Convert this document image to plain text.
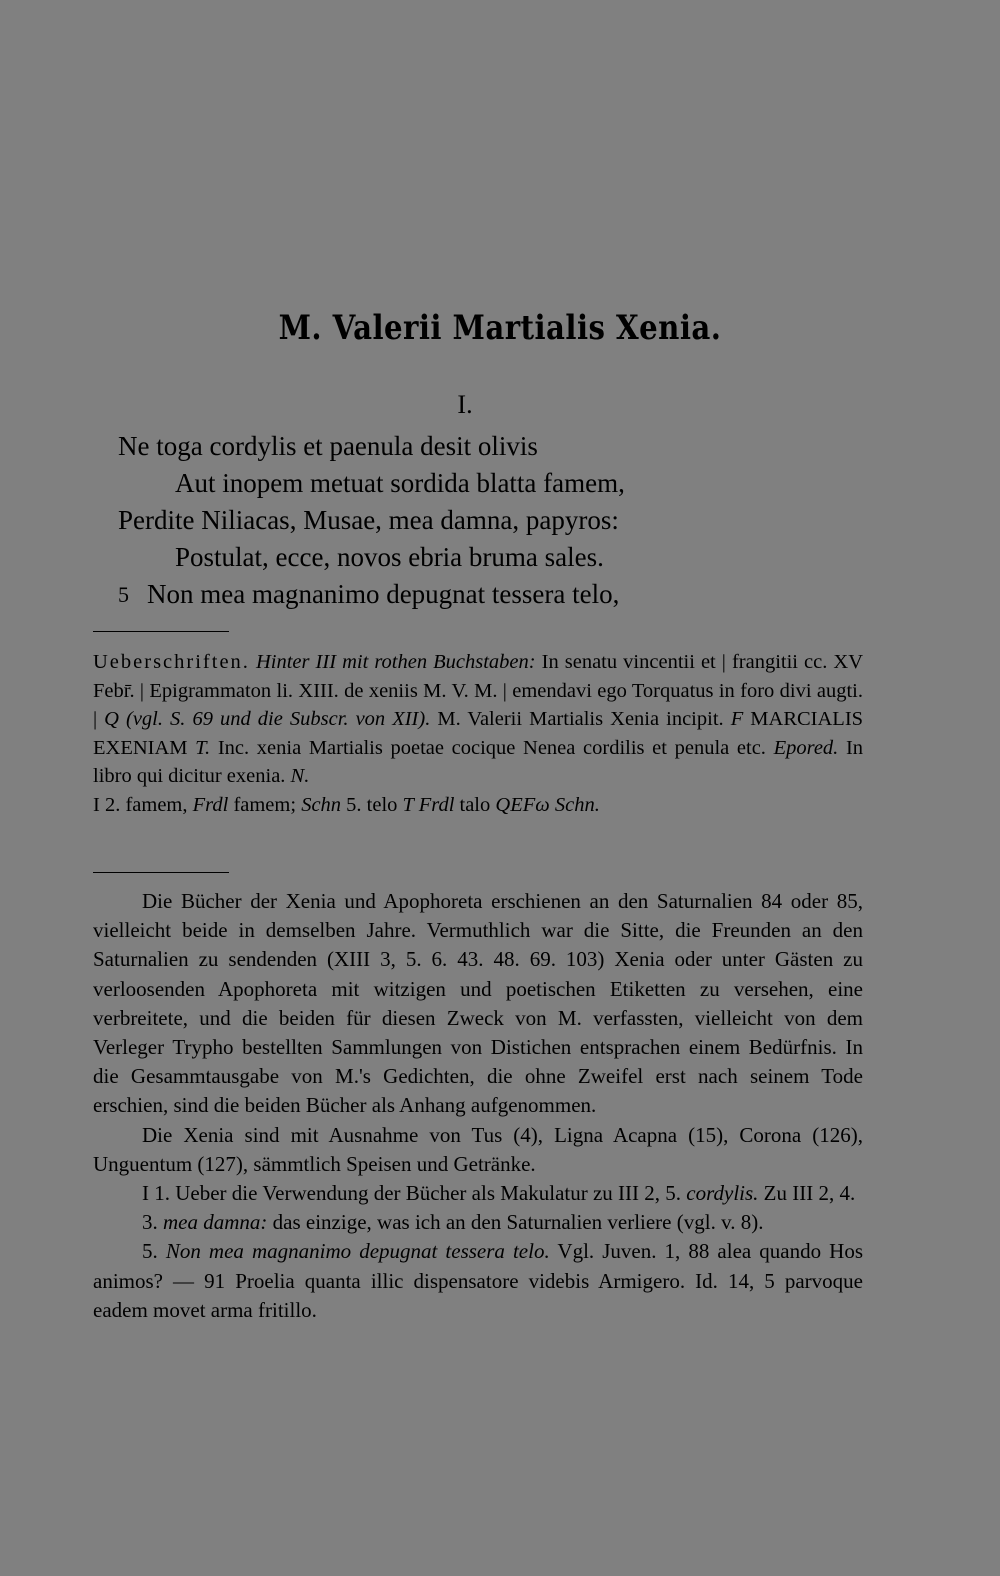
M. Valerii Martialis Xenia.
I.
Ne toga cordylis et paenula desit olivis
Aut inopem metuat sordida blatta famem,
Perdite Niliacas, Musae, mea damna, papyros:
Postulat, ecce, novos ebria bruma sales.
5 Non mea magnanimo depugnat tessera telo,

Ueberschriften. Hinter III mit rothen Buchstaben: In senatu vincentii et | frangitii cc. XV Febr̄. | Epigrammaton li. XIII. de xeniis M. V. M. | emendavi ego Torquatus in foro divi augti. | Q (vgl. S. 69 und die Subscr. von XII). M. Valerii Martialis Xenia incipit. F MARCIALIS EXENIAM T. Inc. xenia Martialis poetae cocique Nenea cordilis et penula etc. Epored. In libro qui dicitur exenia. N.

I 2. famem, Frdl famem; Schn 5. telo T Frdl talo QEFω Schn.

Die Bücher der Xenia und Apophoreta erschienen an den Saturnalien 84 oder 85, vielleicht beide in demselben Jahre. Vermuthlich war die Sitte, die Freunden an den Saturnalien zu sendenden (XIII 3, 5. 6. 43. 48. 69. 103) Xenia oder unter Gästen zu verloosenden Apophoreta mit witzigen und poetischen Etiketten zu versehen, eine verbreitete, und die beiden für diesen Zweck von M. verfassten, vielleicht von dem Verleger Trypho bestellten Sammlungen von Distichen entsprachen einem Bedürfnis. In die Gesammtausgabe von M.'s Gedichten, die ohne Zweifel erst nach seinem Tode erschien, sind die beiden Bücher als Anhang aufgenommen.

Die Xenia sind mit Ausnahme von Tus (4), Ligna Acapna (15), Corona (126), Unguentum (127), sämmtlich Speisen und Getränke.

I 1. Ueber die Verwendung der Bücher als Makulatur zu III 2, 5. cordylis. Zu III 2, 4.

3. mea damna: das einzige, was ich an den Saturnalien verliere (vgl. v. 8).

5. Non mea magnanimo depugnat tessera telo. Vgl. Juven. 1, 88 alea quando Hos animos? — 91 Proelia quanta illic dispensatore videbis Armigero. Id. 14, 5 parvoque eadem movet arma fritillo.
